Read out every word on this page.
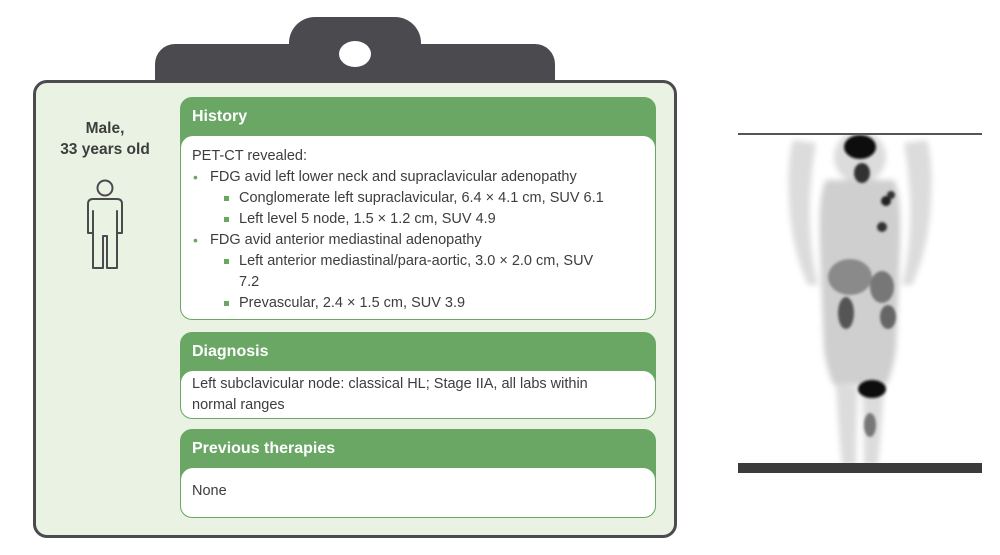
Male,
33 years old
History
PET-CT revealed:
• FDG avid left lower neck and supraclavicular adenopathy
Conglomerate left supraclavicular, 6.4 × 4.1 cm, SUV 6.1
Left level 5 node, 1.5 × 1.2 cm, SUV 4.9
• FDG avid anterior mediastinal adenopathy
Left anterior mediastinal/para-aortic, 3.0 × 2.0 cm, SUV 7.2
Prevascular, 2.4 × 1.5 cm, SUV 3.9
Diagnosis
Left subclavicular node: classical HL; Stage IIA, all labs within normal ranges
Previous therapies
None
